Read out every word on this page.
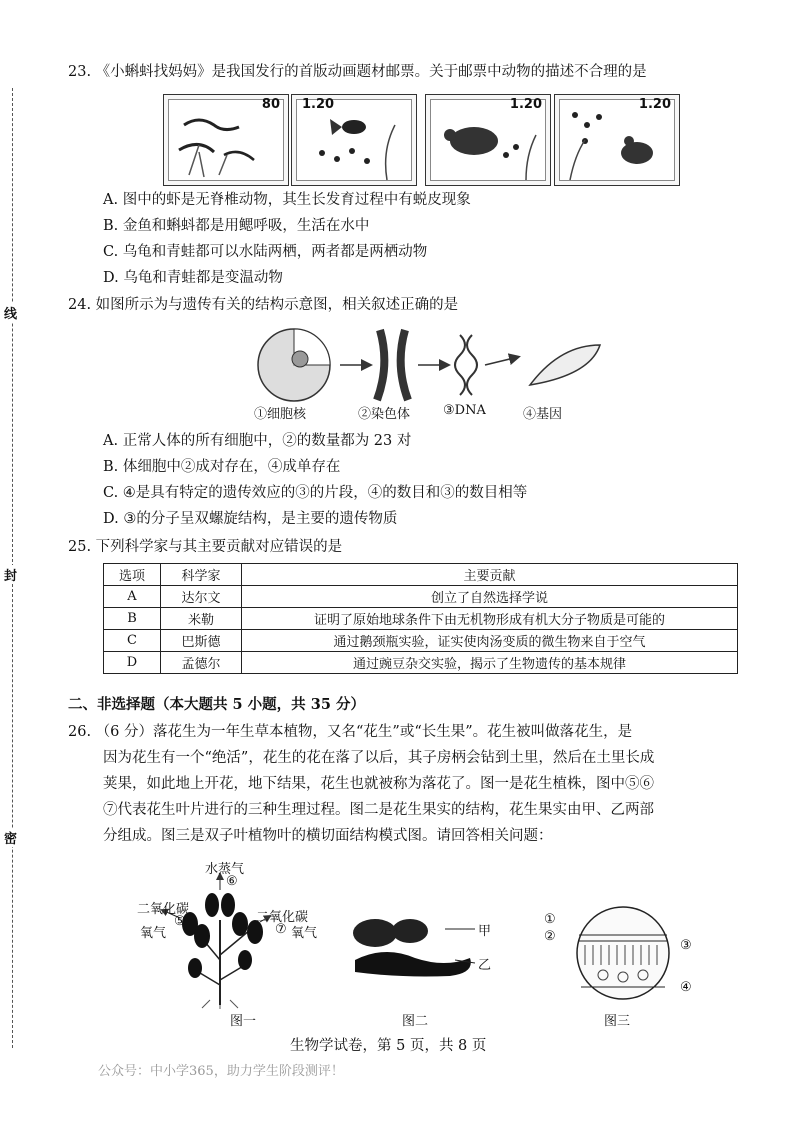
线
封
密
23. 《小蝌蚪找妈妈》是我国发行的首版动画题材邮票。关于邮票中动物的描述不合理的是
80 1.20	1.20	1.20
A. 图中的虾是无脊椎动物，其生长发育过程中有蜕皮现象
B. 金鱼和蝌蚪都是用鳃呼吸，生活在水中
C. 乌龟和青蛙都可以水陆两栖，两者都是两栖动物
D. 乌龟和青蛙都是变温动物
24. 如图所示为与遗传有关的结构示意图，相关叙述正确的是
①细胞核	②染色体	③DNA	④基因
A. 正常人体的所有细胞中，②的数量都为 23 对
B. 体细胞中②成对存在，④成单存在
C. ④是具有特定的遗传效应的③的片段，④的数目和③的数目相等
D. ③的分子呈双螺旋结构，是主要的遗传物质
25. 下列科学家与其主要贡献对应错误的是
选项	科学家	主要贡献
A	达尔文	创立了自然选择学说
B	米勒	证明了原始地球条件下由无机物形成有机大分子物质是可能的
C	巴斯德	通过鹅颈瓶实验，证实使肉汤变质的微生物来自于空气
D	孟德尔	通过豌豆杂交实验，揭示了生物遗传的基本规律
二、非选择题（本大题共 5 小题，共 35 分）
26. （6 分）落花生为一年生草本植物，又名“花生”或“长生果”。花生被叫做落花生，是
因为花生有一个“绝活”，花生的花在落了以后，其子房柄会钻到土里，然后在土里长成
荚果，如此地上开花，地下结果，花生也就被称为落花了。图一是花生植株，图中⑤⑥
⑦代表花生叶片进行的三种生理过程。图二是花生果实的结构，花生果实由甲、乙两部
分组成。图三是双子叶植物叶的横切面结构模式图。请回答相关问题：
水蒸气
⑥
二氧化碳
⑤
氧气
二氧化碳
⑦ 氧气
图一
甲
乙
图二
①
②
③
④
图三
生物学试卷，第 5 页，共 8 页
公众号：中小学365，助力学生阶段测评！
